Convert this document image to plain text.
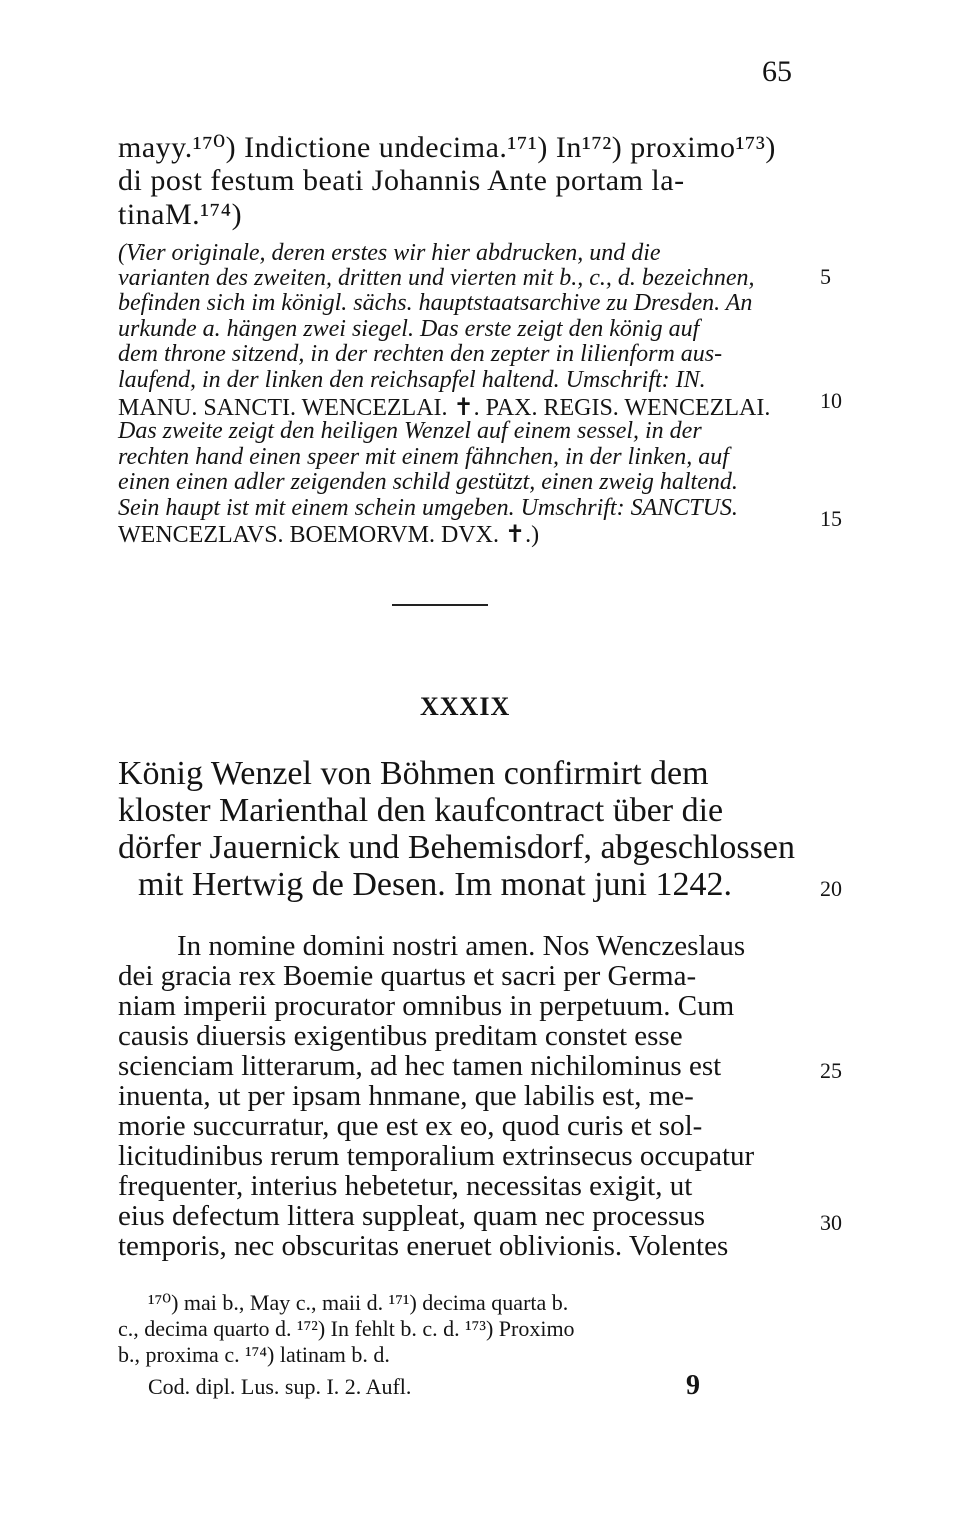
65
mayy.¹⁷⁰) Indictione undecima.¹⁷¹) In¹⁷²) proximo¹⁷³)
di post festum beati Johannis Ante portam la-
tinaM.¹⁷⁴)
(Vier originale, deren erstes wir hier abdrucken, und die
varianten des zweiten, dritten und vierten mit b., c., d. bezeichnen,
befinden sich im königl. sächs. hauptstaatsarchive zu Dresden. An
urkunde a. hängen zwei siegel. Das erste zeigt den könig auf
dem throne sitzend, in der rechten den zepter in lilienform aus-
laufend, in der linken den reichsapfel haltend. Umschrift: IN.
MANU. SANCTI. WENCEZLAI. ✝. PAX. REGIS. WENCEZLAI.
Das zweite zeigt den heiligen Wenzel auf einem sessel, in der
rechten hand einen speer mit einem fähnchen, in der linken, auf
einen einen adler zeigenden schild gestützt, einen zweig haltend.
Sein haupt ist mit einem schein umgeben. Umschrift: SANCTUS.
WENCEZLAVS. BOEMORVM. DVX. ✝.)
5
10
15
XXXIX
König Wenzel von Böhmen confirmirt dem
kloster Marienthal den kaufcontract über die
dörfer Jauernick und Behemisdorf, abgeschlossen
mit Hertwig de Desen. Im monat juni 1242.	20
In nomine domini nostri amen. Nos Wenczeslaus
dei gracia rex Boemie quartus et sacri per Germa-
niam imperii procurator omnibus in perpetuum. Cum
causis diuersis exigentibus preditam constet esse
scienciam litterarum, ad hec tamen nichilominus est
inuenta, ut per ipsam hnmane, que labilis est, me-
morie succurratur, que est ex eo, quod curis et sol-
licitudinibus rerum temporalium extrinsecus occupatur
frequenter, interius hebetetur, necessitas exigit, ut
eius defectum littera suppleat, quam nec processus
temporis, nec obscuritas eneruet oblivionis. Volentes
25
30
¹⁷⁰) mai b., May c., maii d. ¹⁷¹) decima quarta b.
c., decima quarto d. ¹⁷²) In fehlt b. c. d. ¹⁷³) Proximo
b., proxima c. ¹⁷⁴) latinam b. d.
Cod. dipl. Lus. sup. I. 2. Aufl.	9
